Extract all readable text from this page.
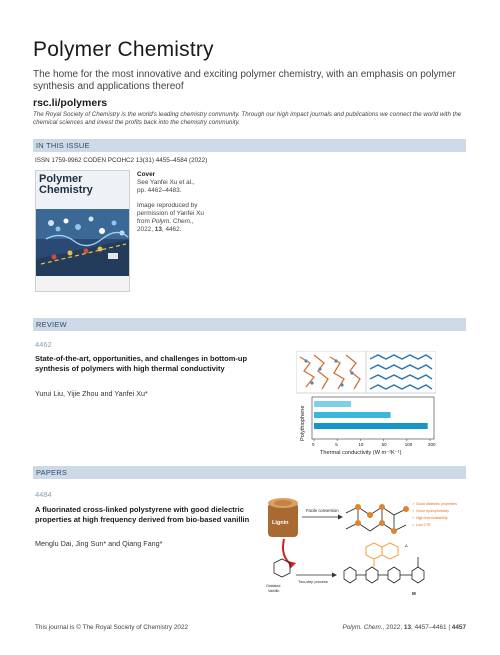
Polymer Chemistry
The home for the most innovative and exciting polymer chemistry, with an emphasis on polymer synthesis and applications thereof
rsc.li/polymers
The Royal Society of Chemistry is the world's leading chemistry community. Through our high impact journals and publications we connect the world with the chemical sciences and invest the profits back into the chemistry community.
IN THIS ISSUE
ISSN 1759-9962 CODEN PCOHC2 13(31) 4455–4584 (2022)
Polymer
Chemistry
Cover
See Yanfei Xu et al.,
pp. 4462–4483.
Image reproduced by
permission of Yanfei Xu
from Polym. Chem.,
2022, 13, 4462.
REVIEW
4462
State-of-the-art, opportunities, and challenges in bottom-up synthesis of polymers with high thermal conductivity
Yurui Liu, Yijie Zhou and Yanfei Xu*
0	5	10	50	100	200
Polythiophene
Thermal conductivity (W m⁻¹K⁻¹)
PAPERS
4484
A fluorinated cross-linked polystyrene with good dielectric properties at high frequency derived from bio-based vanillin
Menglu Dai, Jing Sun* and Qiang Fang*
Lignin
Facile conversion
✓ Good dielectric properties
✓ Good hydrophobicity
✓ High thermostability
✓ Low CTE
Oxidated
Vanillin
Two-step process
M
Δ
This journal is © The Royal Society of Chemistry 2022	Polym. Chem., 2022, 13, 4457–4461 | 4457
